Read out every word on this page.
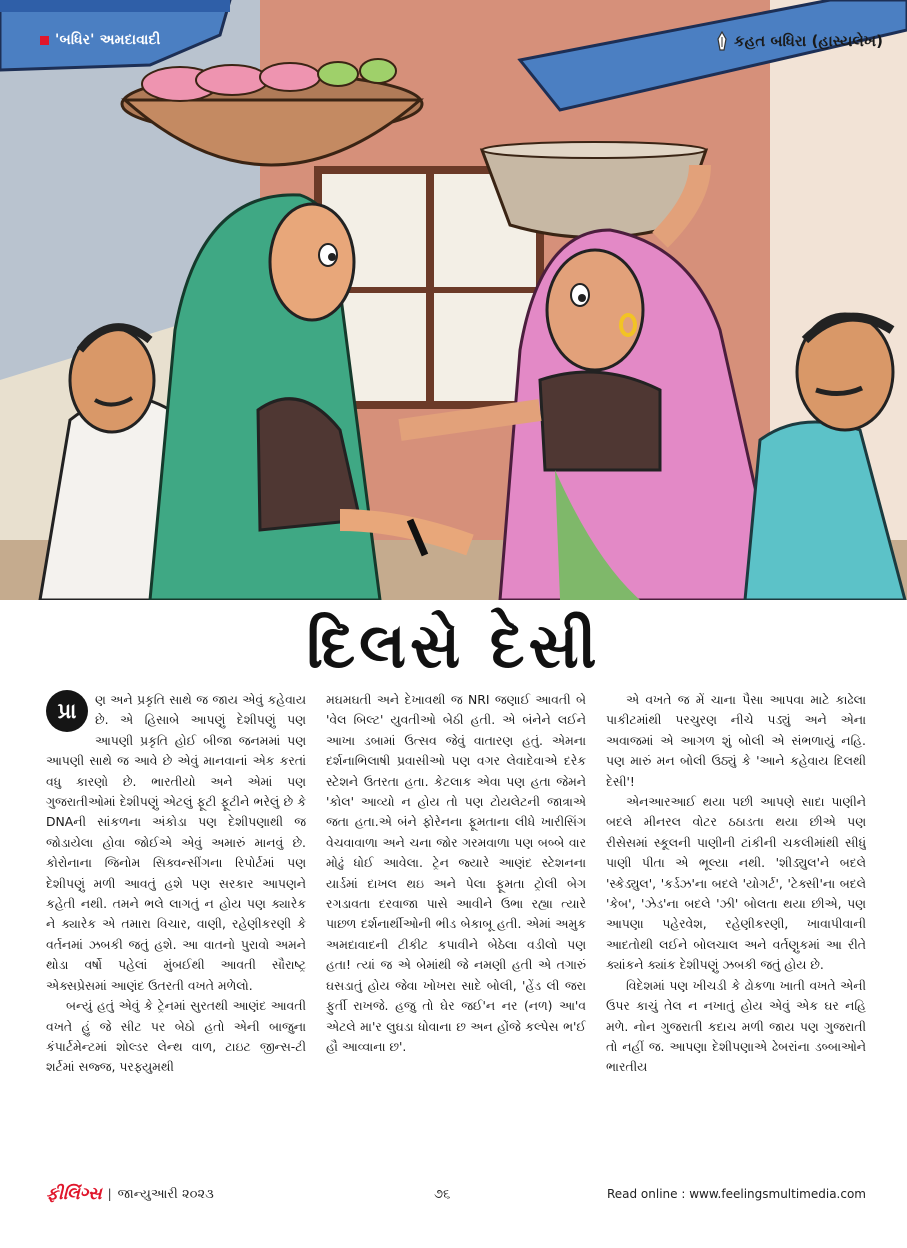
'બધિર' અમદાવાદી	કહત બધિરા (હાસ્યલેખ)
દિલસે દેસી

પ્રા	ણ અને પ્રકૃતિ સાથે જ જાય એવું કહેવાય છે. એ હિસાબે આપણું દેશીપણું પણ આપણી પ્રકૃતિ હોઈ બીજા જનમમાં પણ આપણી સાથે જ આવે છે એવું માનવાનાં એક કરતાં વધુ કારણો છે. ભારતીયો અને એમાં પણ ગુજરાતીઓમાં દેશીપણું એટલું ફૂટી ફૂટીને ભરેલું છે કે DNAની સાંકળના અંકોડા પણ દેશીપણાથી જ જોડાયેલા હોવા જોઈએ એવું અમારું માનવું છે. કોરોનાના જિનોમ સિક્વન્સીંગના રિપોર્ટમાં પણ દેશીપણું મળી આવતું હશે પણ સરકાર આપણને કહેતી નથી. તમને ભલે લાગતું ન હોય પણ ક્યારેક ને ક્યારેક એ તમારા વિચાર, વાણી, રહેણીકરણી કે વર્તનમાં ઝબકી જતું હશે. આ વાતનો પુરાવો અમને થોડા વર્ષો પહેલાં મુંબઈથી આવતી સૌરાષ્ટ્ર એક્સપ્રેસમાં આણંદ ઉતરતી વખતે મળેલો.

બન્યું હતું એવું કે ટ્રેનમાં સુરતથી આણંદ આવતી વખતે હું જે સીટ પર બેઠો હતો એની બાજુના કંપાર્ટમેન્ટમાં શોલ્ડર લેન્થ વાળ, ટાઇટ જીન્સ-ટી શર્ટમાં સજ્જ, પરફ્યુમથી

મઘમઘતી અને દેખાવથી જ NRI જણાઈ આવતી બે 'વેલ બિલ્ટ' યુવતીઓ બેઠી હતી. એ બંનેને લઈને આખા ડબામાં ઉત્સવ જેવું વાતારણ હતું. એમના દર્શનાભિલાષી પ્રવાસીઓ પણ વગર લેવાદેવાએ દરેક સ્ટેશને ઉતરતા હતા. કેટલાક એવા પણ હતા જેમને 'કોલ' આવ્યો ન હોય તો પણ ટોયલેટની જાત્રાએ જતા હતા.એ બંને ફોરેનના ફૂમતાના લીધે ખારીસિંગ વેચવાવાળા અને ચના જોર ગરમવાળા પણ બબ્બે વાર મોઢું ધોઈ આવેલા. ટ્રેન જ્યારે આણંદ સ્ટેશનના યાર્ડમાં દાખલ થઇ અને પેલા ફૂમતા ટ્રોલી બેગ રગડાવતા દરવાજા પાસે આવીને ઉભા રહ્યા ત્યારે પાછળ દર્શનાર્થીઓની ભીડ બેકાબૂ હતી. એમાં અમુક અમદાવાદની ટીકીટ કપાવીને બેઠેલા વડીલો પણ હતા! ત્યાં જ એ બેમાંથી જે નમણી હતી એ તગારું ઘસડાતું હોય જેવા ખોખરા સાદે બોલી, 'હેંડ લી જરા ફુર્તી રાખજે. હજુ તો ઘેર જઈ'ન નર (નળ) આ'વ એટલે મા'ર લુઘડા ધોવાના છ અન હોંજે કલ્પેસ ભ'ઈ હૌ આવ્વાના છ'.

એ વખતે જ મેં ચાના પૈસા આપવા માટે કાઢેલા પાકીટમાંથી પરચુરણ નીચે પડ્યું અને એના અવાજમાં એ આગળ શું બોલી એ સંભળાયું નહિ. પણ મારું મન બોલી ઉઠ્યું કે 'આને કહેવાય દિલથી દેસી'!

એનઆરઆઈ થયા પછી આપણે સાદા પાણીને બદલે મીનરલ વોટર ઠઠાડતા થયા છીએ પણ રીસેસમાં સ્કૂલની પાણીની ટાંકીની ચકલીમાંથી સીધું પાણી પીતા એ ભૂલ્યા નથી. 'શીડ્યુલ'ને બદલે 'સ્કેડ્યુલ', 'કર્ડઝ'ના બદલે 'યોગર્ટ', 'ટેક્સી'ના બદલે 'કેબ', 'ઝેડ'ના બદલે 'ઝી' બોલતા થયા છીએ, પણ આપણા પહેરવેશ, રહેણીકરણી, ખાવાપીવાની આદતોથી લઈને બોલચાલ અને વર્તણુકમાં આ રીતે ક્યાંકને ક્યાંક દેશીપણું ઝબકી જતું હોય છે.

વિદેશમાં પણ ખીચડી કે ઢોકળા ખાતી વખતે એની ઉપર કાચું તેલ ન નખાતું હોય એવું એક ઘર નહિ મળે. નોન ગુજરાતી કદાચ મળી જાય પણ ગુજરાતી તો નહીં જ. આપણા દેશીપણાએ ઢેબરાંના ડબ્બાઓને ભારતીય

ફીલિંગ્સ | જાન્યુઆરી ૨૦૨૩	૭૬	Read online : www.feelingsmultimedia.com
